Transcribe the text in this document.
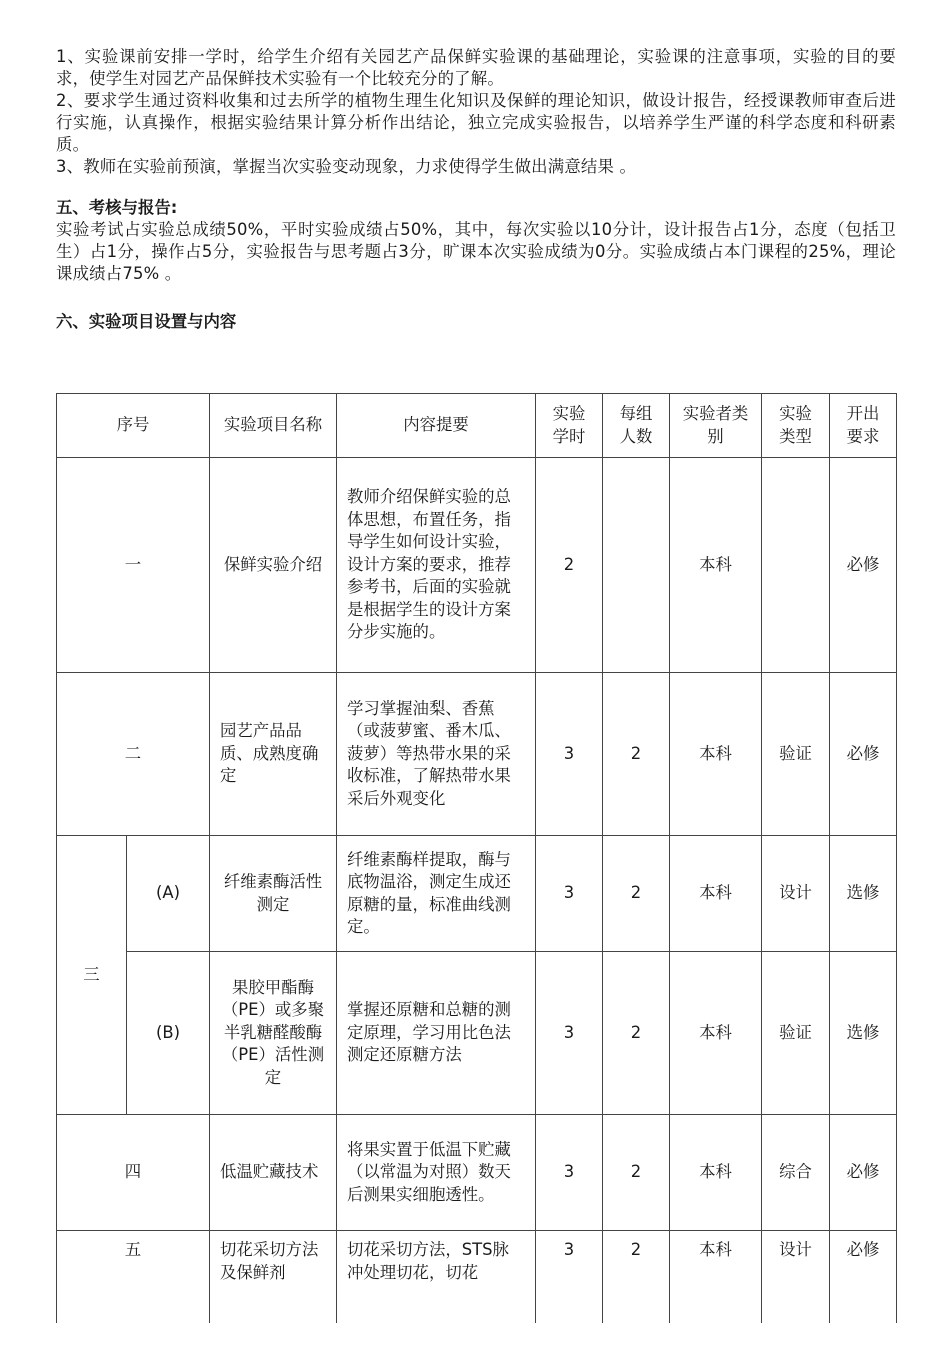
1、实验课前安排一学时，给学生介绍有关园艺产品保鲜实验课的基础理论，实验课的注意事项，实验的目的要求，使学生对园艺产品保鲜技术实验有一个比较充分的了解。

2、要求学生通过资料收集和过去所学的植物生理生化知识及保鲜的理论知识，做设计报告，经授课教师审查后进行实施，认真操作，根据实验结果计算分析作出结论，独立完成实验报告，以培养学生严谨的科学态度和科研素质。

3、教师在实验前预演，掌握当次实验变动现象，力求使得学生做出满意结果 。

五、考核与报告:

实验考试占实验总成绩50%，平时实验成绩占50%，其中，每次实验以10分计，设计报告占1分，态度（包括卫生）占1分，操作占5分，实验报告与思考题占3分，旷课本次实验成绩为0分。实验成绩占本门课程的25%，理论课成绩占75% 。

六、实验项目设置与内容

序号		实验项目名称	内容提要	实验学时	每组人数	实验者类别	实验类型	开出要求
一		保鲜实验介绍	教师介绍保鲜实验的总体思想，布置任务，指导学生如何设计实验，设计方案的要求，推荐参考书，后面的实验就是根据学生的设计方案分步实施的。	2		本科		必修
二		园艺产品品质、成熟度确定	学习掌握油梨、香蕉（或菠萝蜜、番木瓜、菠萝）等热带水果的采收标准，了解热带水果采后外观变化	3	2	本科	验证	必修
三	(A)	纤维素酶活性测定	纤维素酶样提取，酶与底物温浴，测定生成还原糖的量，标准曲线测定。	3	2	本科	设计	选修
	(B)	果胶甲酯酶（PE）或多聚半乳糖醛酸酶（PE）活性测定	掌握还原糖和总糖的测定原理，学习用比色法测定还原糖方法	3	2	本科	验证	选修
四		低温贮藏技术	将果实置于低温下贮藏（以常温为对照）数天后测果实细胞透性。	3	2	本科	综合	必修
五		切花采切方法及保鲜剂	切花采切方法，STS脉冲处理切花，切花	3	2	本科	设计	必修
